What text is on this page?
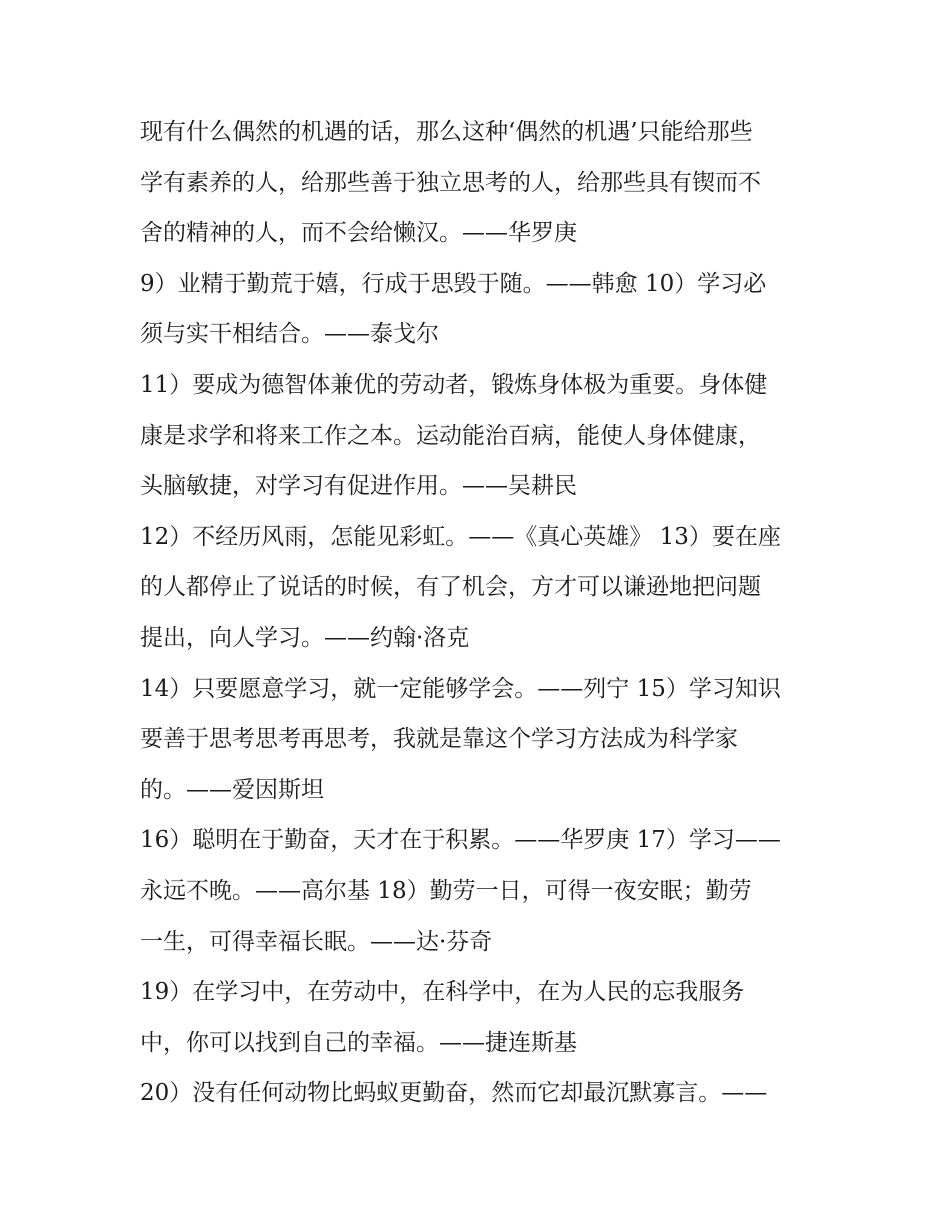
现有什么偶然的机遇的话，那么这种‘偶然的机遇’只能给那些
学有素养的人，给那些善于独立思考的人，给那些具有锲而不
舍的精神的人，而不会给懒汉。——华罗庚
9）业精于勤荒于嬉，行成于思毁于随。——韩愈 10）学习必
须与实干相结合。——泰戈尔
11）要成为德智体兼优的劳动者，锻炼身体极为重要。身体健
康是求学和将来工作之本。运动能治百病，能使人身体健康，
头脑敏捷，对学习有促进作用。——吴耕民
12）不经历风雨，怎能见彩虹。——《真心英雄》 13）要在座
的人都停止了说话的时候，有了机会，方才可以谦逊地把问题
提出，向人学习。——约翰·洛克
14）只要愿意学习，就一定能够学会。——列宁 15）学习知识
要善于思考思考再思考，我就是靠这个学习方法成为科学家
的。——爱因斯坦
16）聪明在于勤奋，天才在于积累。——华罗庚 17）学习——
永远不晚。——高尔基 18）勤劳一日，可得一夜安眠；勤劳
一生，可得幸福长眠。——达·芬奇
19）在学习中，在劳动中，在科学中，在为人民的忘我服务
中，你可以找到自己的幸福。——捷连斯基
20）没有任何动物比蚂蚁更勤奋，然而它却最沉默寡言。——
